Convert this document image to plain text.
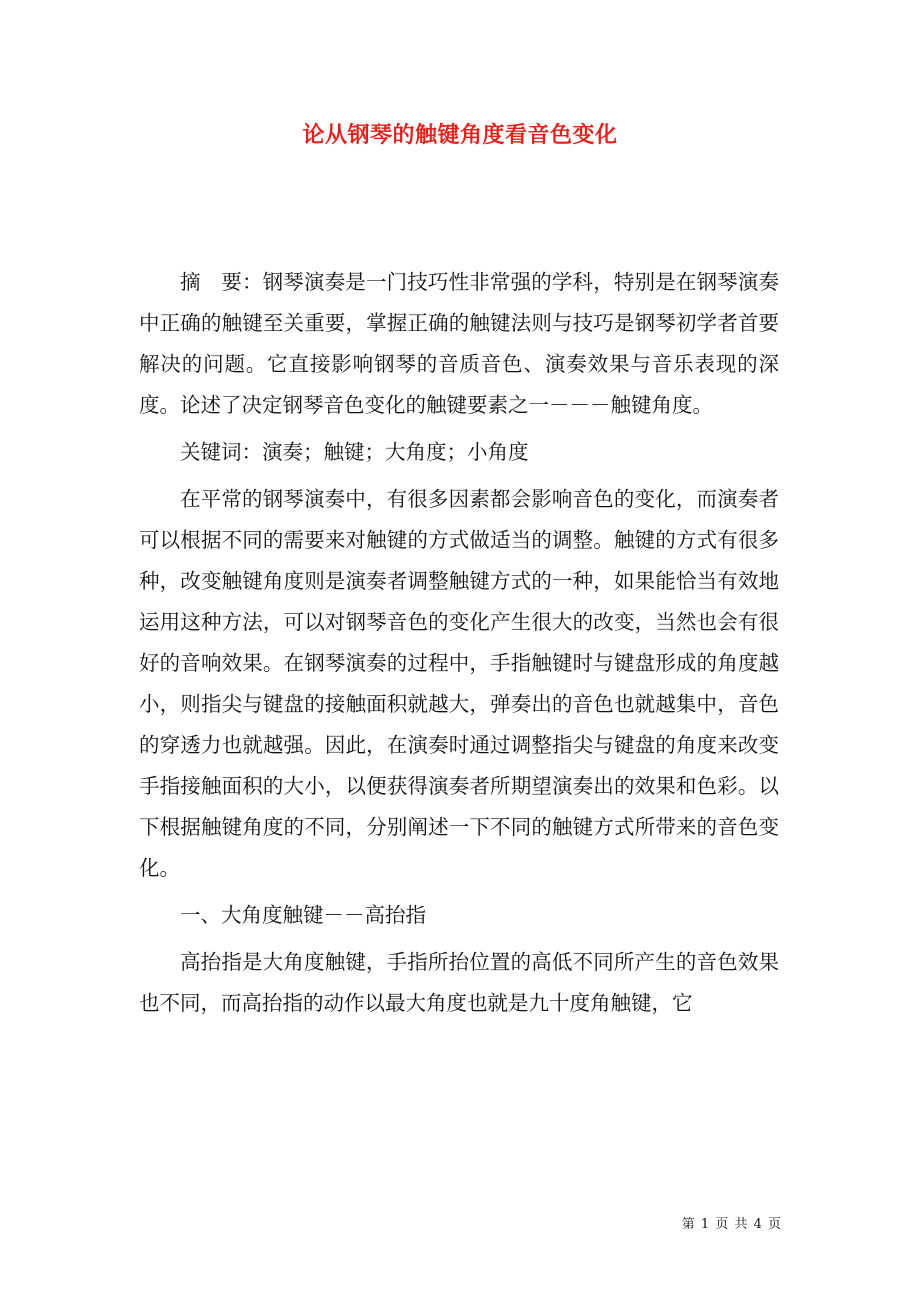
论从钢琴的触键角度看音色变化

摘　要：钢琴演奏是一门技巧性非常强的学科，特别是在钢琴演奏中正确的触键至关重要，掌握正确的触键法则与技巧是钢琴初学者首要解决的问题。它直接影响钢琴的音质音色、演奏效果与音乐表现的深度。论述了决定钢琴音色变化的触键要素之一－－－触键角度。

关键词：演奏；触键；大角度；小角度

在平常的钢琴演奏中，有很多因素都会影响音色的变化，而演奏者可以根据不同的需要来对触键的方式做适当的调整。触键的方式有很多种，改变触键角度则是演奏者调整触键方式的一种，如果能恰当有效地运用这种方法，可以对钢琴音色的变化产生很大的改变，当然也会有很好的音响效果。在钢琴演奏的过程中，手指触键时与键盘形成的角度越小，则指尖与键盘的接触面积就越大，弹奏出的音色也就越集中，音色的穿透力也就越强。因此，在演奏时通过调整指尖与键盘的角度来改变手指接触面积的大小，以便获得演奏者所期望演奏出的效果和色彩。以下根据触键角度的不同，分别阐述一下不同的触键方式所带来的音色变化。

一、大角度触键－－高抬指

高抬指是大角度触键，手指所抬位置的高低不同所产生的音色效果也不同，而高抬指的动作以最大角度也就是九十度角触键，它

第 1 页 共 4 页
